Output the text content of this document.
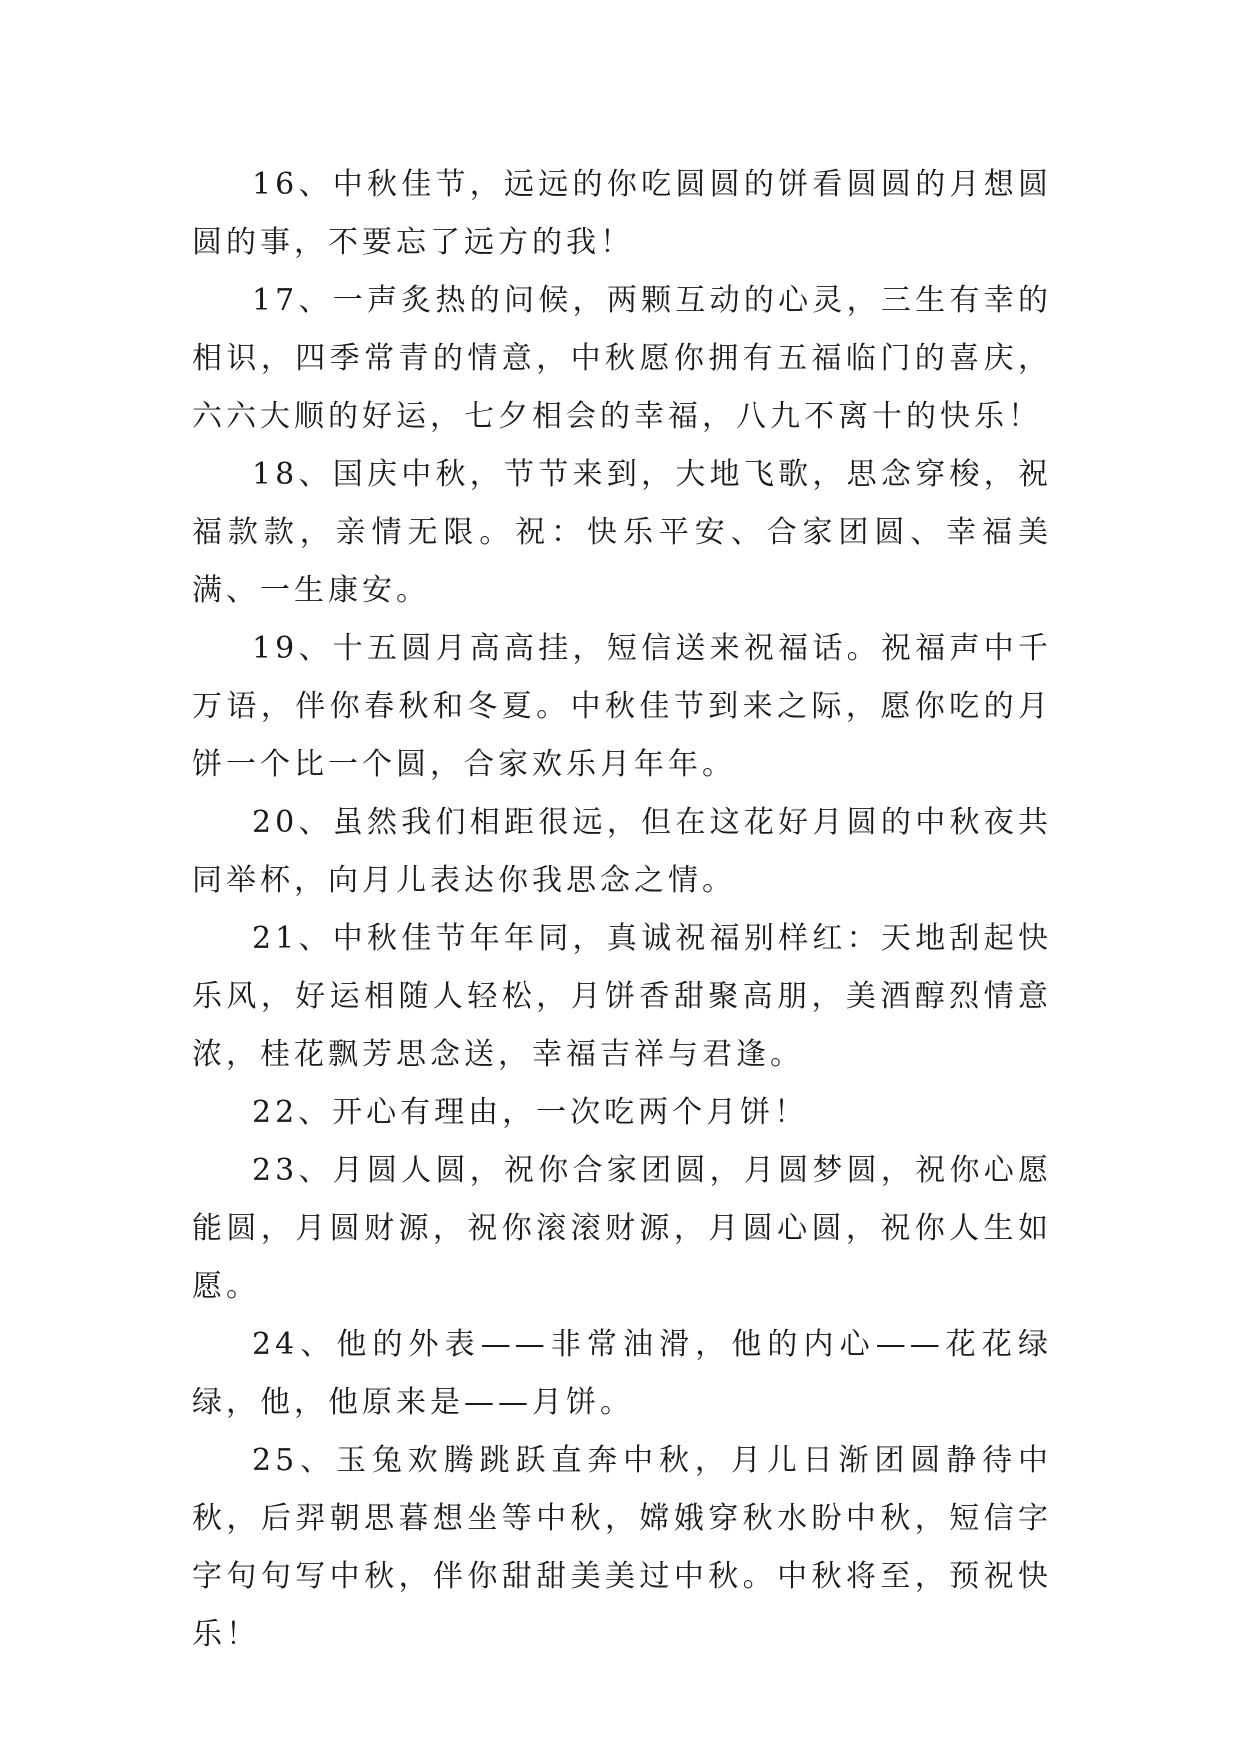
16、中秋佳节，远远的你吃圆圆的饼看圆圆的月想圆圆的事，不要忘了远方的我！

17、一声炙热的问候，两颗互动的心灵，三生有幸的相识，四季常青的情意，中秋愿你拥有五福临门的喜庆，六六大顺的好运，七夕相会的幸福，八九不离十的快乐！

18、国庆中秋，节节来到，大地飞歌，思念穿梭，祝福款款，亲情无限。祝：快乐平安、合家团圆、幸福美满、一生康安。

19、十五圆月高高挂，短信送来祝福话。祝福声中千万语，伴你春秋和冬夏。中秋佳节到来之际，愿你吃的月饼一个比一个圆，合家欢乐月年年。

20、虽然我们相距很远，但在这花好月圆的中秋夜共同举杯，向月儿表达你我思念之情。

21、中秋佳节年年同，真诚祝福别样红：天地刮起快乐风，好运相随人轻松，月饼香甜聚高朋，美酒醇烈情意浓，桂花飘芳思念送，幸福吉祥与君逢。

22、开心有理由，一次吃两个月饼！

23、月圆人圆，祝你合家团圆，月圆梦圆，祝你心愿能圆，月圆财源，祝你滚滚财源，月圆心圆，祝你人生如愿。

24、他的外表——非常油滑，他的内心——花花绿绿，他，他原来是——月饼。

25、玉兔欢腾跳跃直奔中秋，月儿日渐团圆静待中秋，后羿朝思暮想坐等中秋，嫦娥穿秋水盼中秋，短信字字句句写中秋，伴你甜甜美美过中秋。中秋将至，预祝快乐！
